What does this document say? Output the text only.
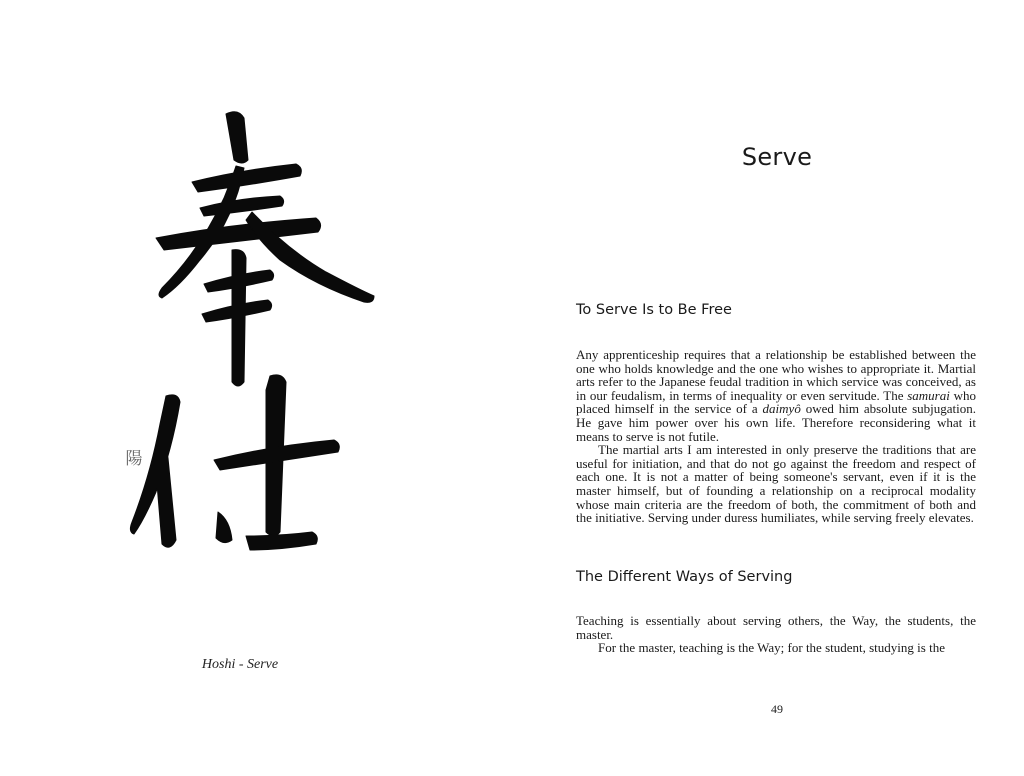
陽
Hoshi - Serve
Serve
To Serve Is to Be Free

Any apprenticeship requires that a relationship be established between the one who holds knowledge and the one who wishes to appropriate it. Martial arts refer to the Japanese feudal tradition in which service was conceived, as in our feudalism, in terms of inequality or even servitude. The samurai who placed himself in the service of a daimyô owed him absolute subjugation. He gave him power over his own life. Therefore reconsidering what it means to serve is not futile.

The martial arts I am interested in only preserve the traditions that are useful for initiation, and that do not go against the freedom and respect of each one. It is not a matter of being someone's servant, even if it is the master himself, but of founding a relationship on a reciprocal modality whose main criteria are the freedom of both, the commitment of both and the initiative. Serving under duress humiliates, while serving freely elevates.

The Different Ways of Serving

Teaching is essentially about serving others, the Way, the students, the master.

For the master, teaching is the Way; for the student, studying is the

49
